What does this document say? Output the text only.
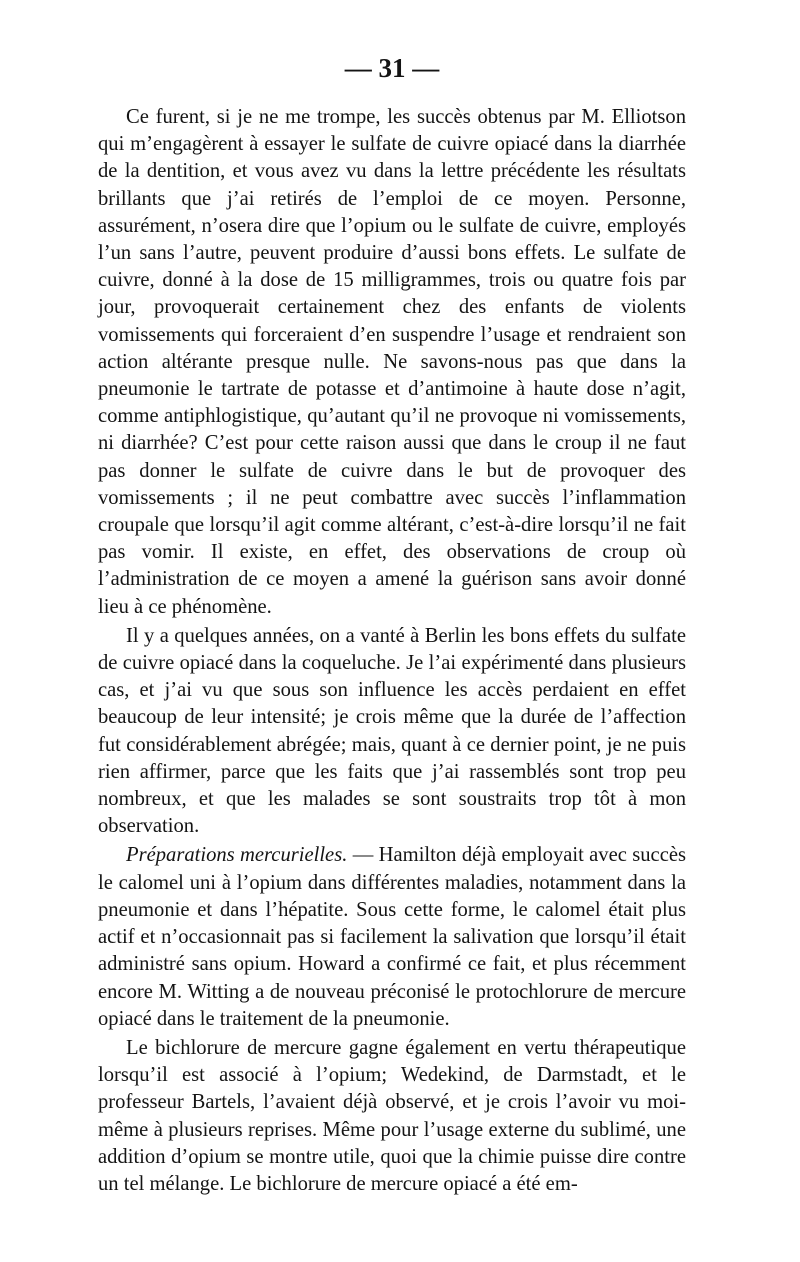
— 31 —

Ce furent, si je ne me trompe, les succès obtenus par M. Elliotson qui m’engagèrent à essayer le sulfate de cuivre opiacé dans la diarrhée de la dentition, et vous avez vu dans la lettre précédente les résultats brillants que j’ai retirés de l’emploi de ce moyen. Personne, assurément, n’osera dire que l’opium ou le sulfate de cuivre, employés l’un sans l’autre, peuvent produire d’aussi bons effets. Le sulfate de cuivre, donné à la dose de 15 milligrammes, trois ou quatre fois par jour, provoquerait certainement chez des enfants de violents vomissements qui forceraient d’en suspendre l’usage et rendraient son action altérante presque nulle. Ne savons-nous pas que dans la pneumonie le tartrate de potasse et d’antimoine à haute dose n’agit, comme antiphlogistique, qu’autant qu’il ne provoque ni vomissements, ni diarrhée? C’est pour cette raison aussi que dans le croup il ne faut pas donner le sulfate de cuivre dans le but de provoquer des vomissements ; il ne peut combattre avec succès l’inflammation croupale que lorsqu’il agit comme altérant, c’est-à-dire lorsqu’il ne fait pas vomir. Il existe, en effet, des observations de croup où l’administration de ce moyen a amené la guérison sans avoir donné lieu à ce phénomène.

Il y a quelques années, on a vanté à Berlin les bons effets du sulfate de cuivre opiacé dans la coqueluche. Je l’ai expérimenté dans plusieurs cas, et j’ai vu que sous son influence les accès perdaient en effet beaucoup de leur intensité; je crois même que la durée de l’affection fut considérablement abrégée; mais, quant à ce dernier point, je ne puis rien affirmer, parce que les faits que j’ai rassemblés sont trop peu nombreux, et que les malades se sont soustraits trop tôt à mon observation.

Préparations mercurielles. — Hamilton déjà employait avec succès le calomel uni à l’opium dans différentes maladies, notamment dans la pneumonie et dans l’hépatite. Sous cette forme, le calomel était plus actif et n’occasionnait pas si facilement la salivation que lorsqu’il était administré sans opium. Howard a confirmé ce fait, et plus récemment encore M. Witting a de nouveau préconisé le protochlorure de mercure opiacé dans le traitement de la pneumonie.

Le bichlorure de mercure gagne également en vertu thérapeutique lorsqu’il est associé à l’opium; Wedekind, de Darmstadt, et le professeur Bartels, l’avaient déjà observé, et je crois l’avoir vu moi-même à plusieurs reprises. Même pour l’usage externe du sublimé, une addition d’opium se montre utile, quoi que la chimie puisse dire contre un tel mélange. Le bichlorure de mercure opiacé a été em-
